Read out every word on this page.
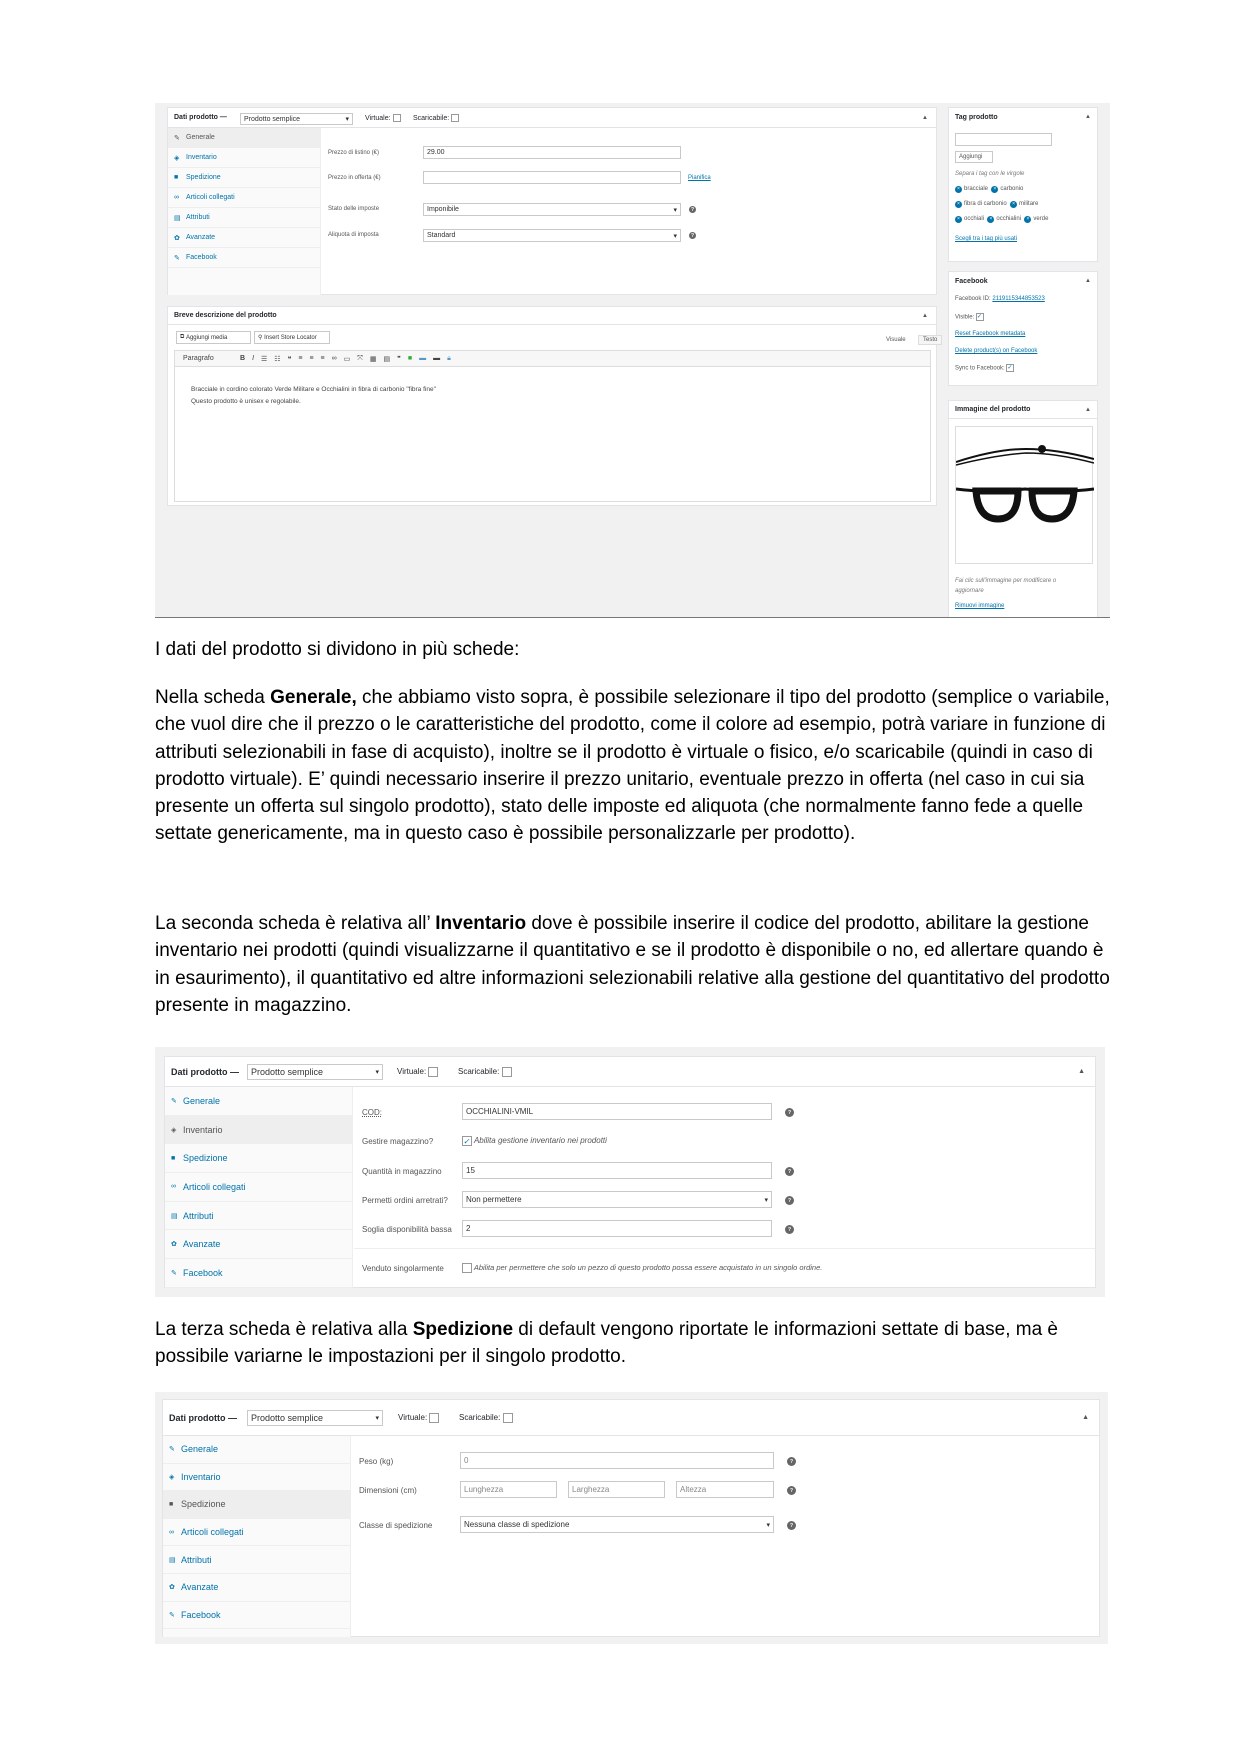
Dati prodotto —	Prodotto semplice ▾	Virtuale:	Scaricabile:	▲
✎ Generale
◈ Inventario
■	Spedizione
∞	Articoli collegati
▤ Attributi
✿ Avanzate
✎ Facebook
Prezzo di listino (€)	29.00
Prezzo in offerta (€)	Pianifica
Stato delle imposte	Imponibile ▾	?
Aliquota di imposta	Standard ▾	?
Breve descrizione del prodotto	▲
⧉ Aggiungi media	⚲ Insert Store Locator	Visuale	Testo
Paragrafo	B I ☰ ☷ ❝ ≡ ≡ ≡ ∞ ▭ ⤧ ▦ ▤ ❞ ■ ▬ ▬ 🔒︎
Bracciale in cordino colorato Verde Militare e Occhialini in fibra di carbonio "fibra fine"
Questo prodotto è unisex e regolabile.
Tag prodotto	▲
Aggiungi
Separa i tag con le virgole
× bracciale × carbonio
× fibra di carbonio × militare
× occhiali × occhialini × verde
Scegli tra i tag più usati
Facebook	▲
Facebook ID: 2119115344853523
Visible: ✓
Reset Facebook metadata
Delete product(s) on Facebook
Sync to Facebook: ✓
Immagine del prodotto	▲
Fai clic sull'immagine per modificare o aggiornare
Rimuovi immagine

I dati del prodotto si dividono in più schede:

Nella scheda Generale, che abbiamo visto sopra, è possibile selezionare il tipo del prodotto (semplice o variabile, che vuol dire che il prezzo o le caratteristiche del prodotto, come il colore ad esempio, potrà variare in funzione di attributi selezionabili in fase di acquisto), inoltre se il prodotto è virtuale o fisico, e/o scaricabile (quindi in caso di prodotto virtuale). E’ quindi necessario inserire il prezzo unitario, eventuale prezzo in offerta (nel caso in cui sia presente un offerta sul singolo prodotto), stato delle imposte ed aliquota (che normalmente fanno fede a quelle settate genericamente, ma in questo caso è possibile personalizzarle per prodotto).

La seconda scheda è relativa all’ Inventario dove è possibile inserire il codice del prodotto, abilitare la gestione inventario nei prodotti (quindi visualizzarne il quantitativo e se il prodotto è disponibile o no, ed allertare quando è in esaurimento), il quantitativo ed altre informazioni selezionabili relative alla gestione del quantitativo del prodotto presente in magazzino.

Dati prodotto —	Prodotto semplice ▾	Virtuale:	Scaricabile:	▲
✎ Generale
◈ Inventario
■ Spedizione
∞ Articoli collegati
▤ Attributi
✿ Avanzate
✎ Facebook
COD:	OCCHIALINI-VMIL	?
Gestire magazzino?	✓ Abilita gestione inventario nei prodotti
Quantità in magazzino	15	?
Permetti ordini arretrati?	Non permettere ▾	?
Soglia disponibilità bassa	2	?
Venduto singolarmente	Abilita per permettere che solo un pezzo di questo prodotto possa essere acquistato in un singolo ordine.

La terza scheda è relativa alla Spedizione di default vengono riportate le informazioni settate di base, ma è possibile variarne le impostazioni per il singolo prodotto.

Dati prodotto —	Prodotto semplice ▾	Virtuale:	Scaricabile:	▲
✎ Generale
◈ Inventario
■ Spedizione
∞ Articoli collegati
▤ Attributi
✿ Avanzate
✎ Facebook
Peso (kg)	0	?
Dimensioni (cm)	Lunghezza	Larghezza	Altezza	?
Classe di spedizione	Nessuna classe di spedizione ▾	?
